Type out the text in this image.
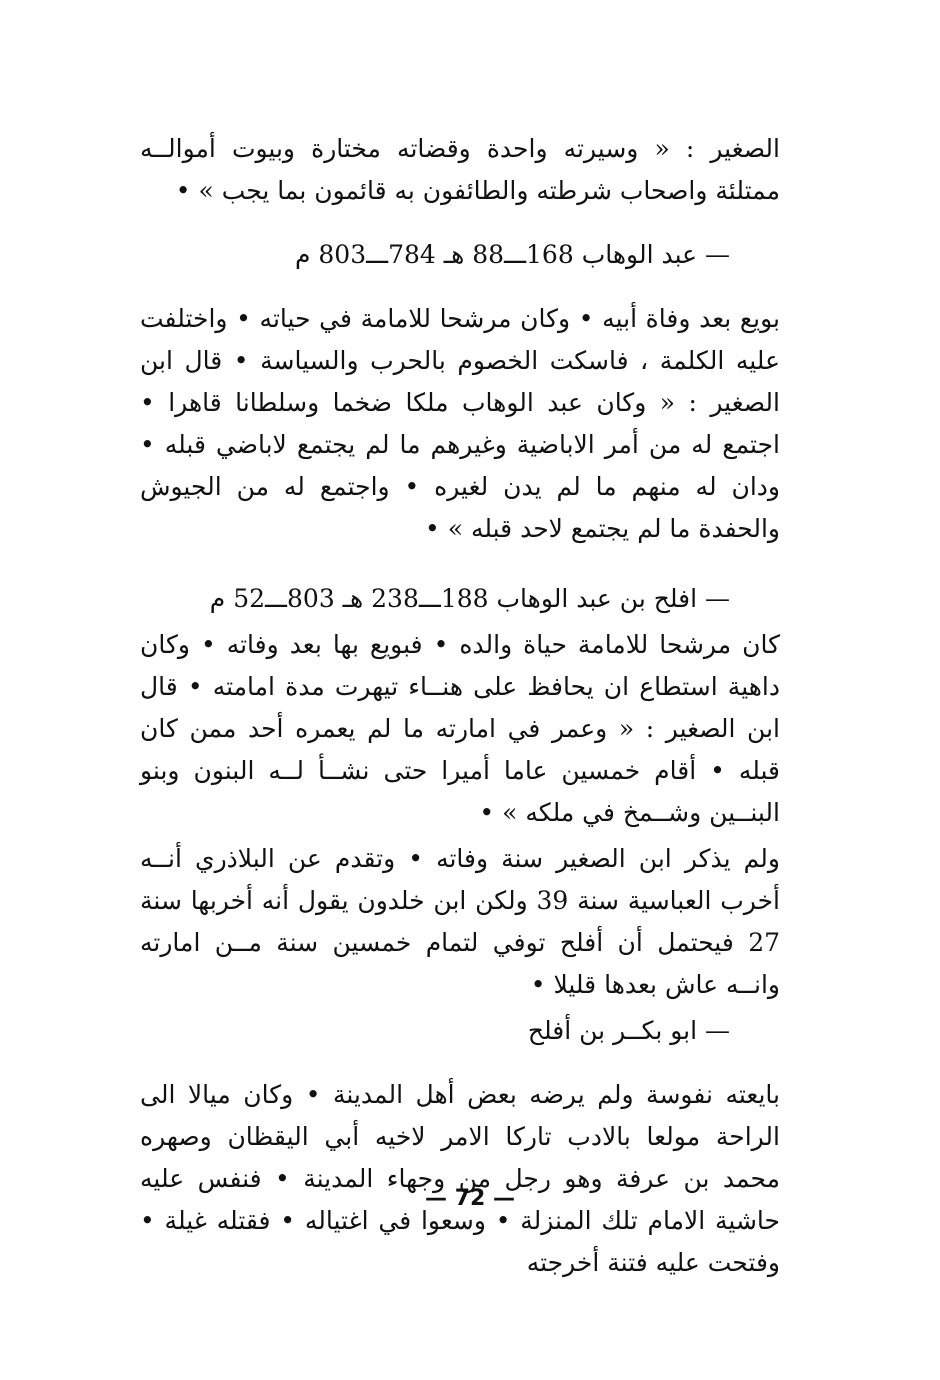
الصغير : « وسيرته واحدة وقضاته مختارة وبيوت أموالــه ممتلئة واصحاب شرطته والطائفون به قائمون بما يجب » •

— عبد الوهاب 168ـــ88 هـ 784ـــ803 م

بويع بعد وفاة أبيه • وكان مرشحا للامامة في حياته • واختلفت عليه الكلمة ، فاسكت الخصوم بالحرب والسياسة • قال ابن الصغير : « وكان عبد الوهاب ملكا ضخما وسلطانا قاهرا • اجتمع له من أمر الاباضية وغيرهم ما لم يجتمع لاباضي قبله • ودان له منهم ما لم يدن لغيره • واجتمع له من الجيوش والحفدة ما لم يجتمع لاحد قبله » •

— افلح بن عبد الوهاب 188ـــ238 هـ 803ـــ52 م

كان مرشحا للامامة حياة والده • فبويع بها بعد وفاته • وكان داهية استطاع ان يحافظ على هنــاء تيهرت مدة امامته • قال ابن الصغير : « وعمر في امارته ما لم يعمره أحد ممن كان قبله • أقام خمسين عاما أميرا حتى نشــأ لــه البنون وبنو البنــين وشــمخ في ملكه » •

ولم يذكر ابن الصغير سنة وفاته • وتقدم عن البلاذري أنــه أخرب العباسية سنة 39 ولكن ابن خلدون يقول أنه أخربها سنة 27 فيحتمل أن أفلح توفي لتمام خمسين سنة مــن امارته وانــه عاش بعدها قليلا •

— ابو بكــر بن أفلح

بايعته نفوسة ولم يرضه بعض أهل المدينة • وكان ميالا الى الراحة مولعا بالادب تاركا الامر لاخيه أبي اليقظان وصهره محمد بن عرفة وهو رجل من وجهاء المدينة • فنفس عليه حاشية الامام تلك المنزلة • وسعوا في اغتياله • فقتله غيلة • وفتحت عليه فتنة أخرجته

— 72 —
